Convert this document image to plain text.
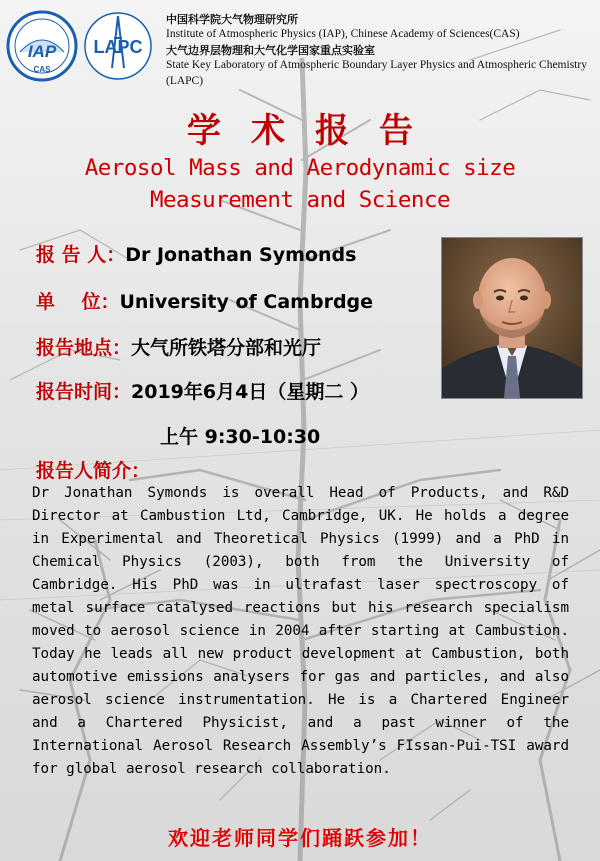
IAP
CAS
LAPC
中国科学院大气物理研究所
Institute of Atmospheric Physics (IAP), Chinese Academy of Sciences(CAS)
大气边界层物理和大气化学国家重点实验室
State Key Laboratory of Atmospheric Boundary Layer Physics and Atmospheric Chemistry
(LAPC)
学术报告
Aerosol Mass and Aerodynamic size
Measurement and Science
报 告 人：Dr Jonathan Symonds
单    位：University of Cambrdge
报告地点：大气所铁塔分部和光厅
报告时间：2019年6月4日（星期二 ）
上午 9:30-10:30
报告人简介：
Dr Jonathan Symonds is overall Head of Products, and R&D Director at Cambustion Ltd, Cambridge, UK. He holds a degree in Experimental and Theoretical Physics (1999) and a PhD in Chemical Physics (2003), both from the University of Cambridge. His PhD was in ultrafast laser spectroscopy of metal surface catalysed reactions but his research specialism moved to aerosol science in 2004 after starting at Cambustion. Today he leads all new product development at Cambustion, both automotive emissions analysers for gas and particles, and also aerosol science instrumentation. He is a Chartered Engineer and a Chartered Physicist, and a past winner of the International Aerosol Research Assembly’s FIssan-Pui-TSI award for global aerosol research collaboration.
欢迎老师同学们踊跃参加！
